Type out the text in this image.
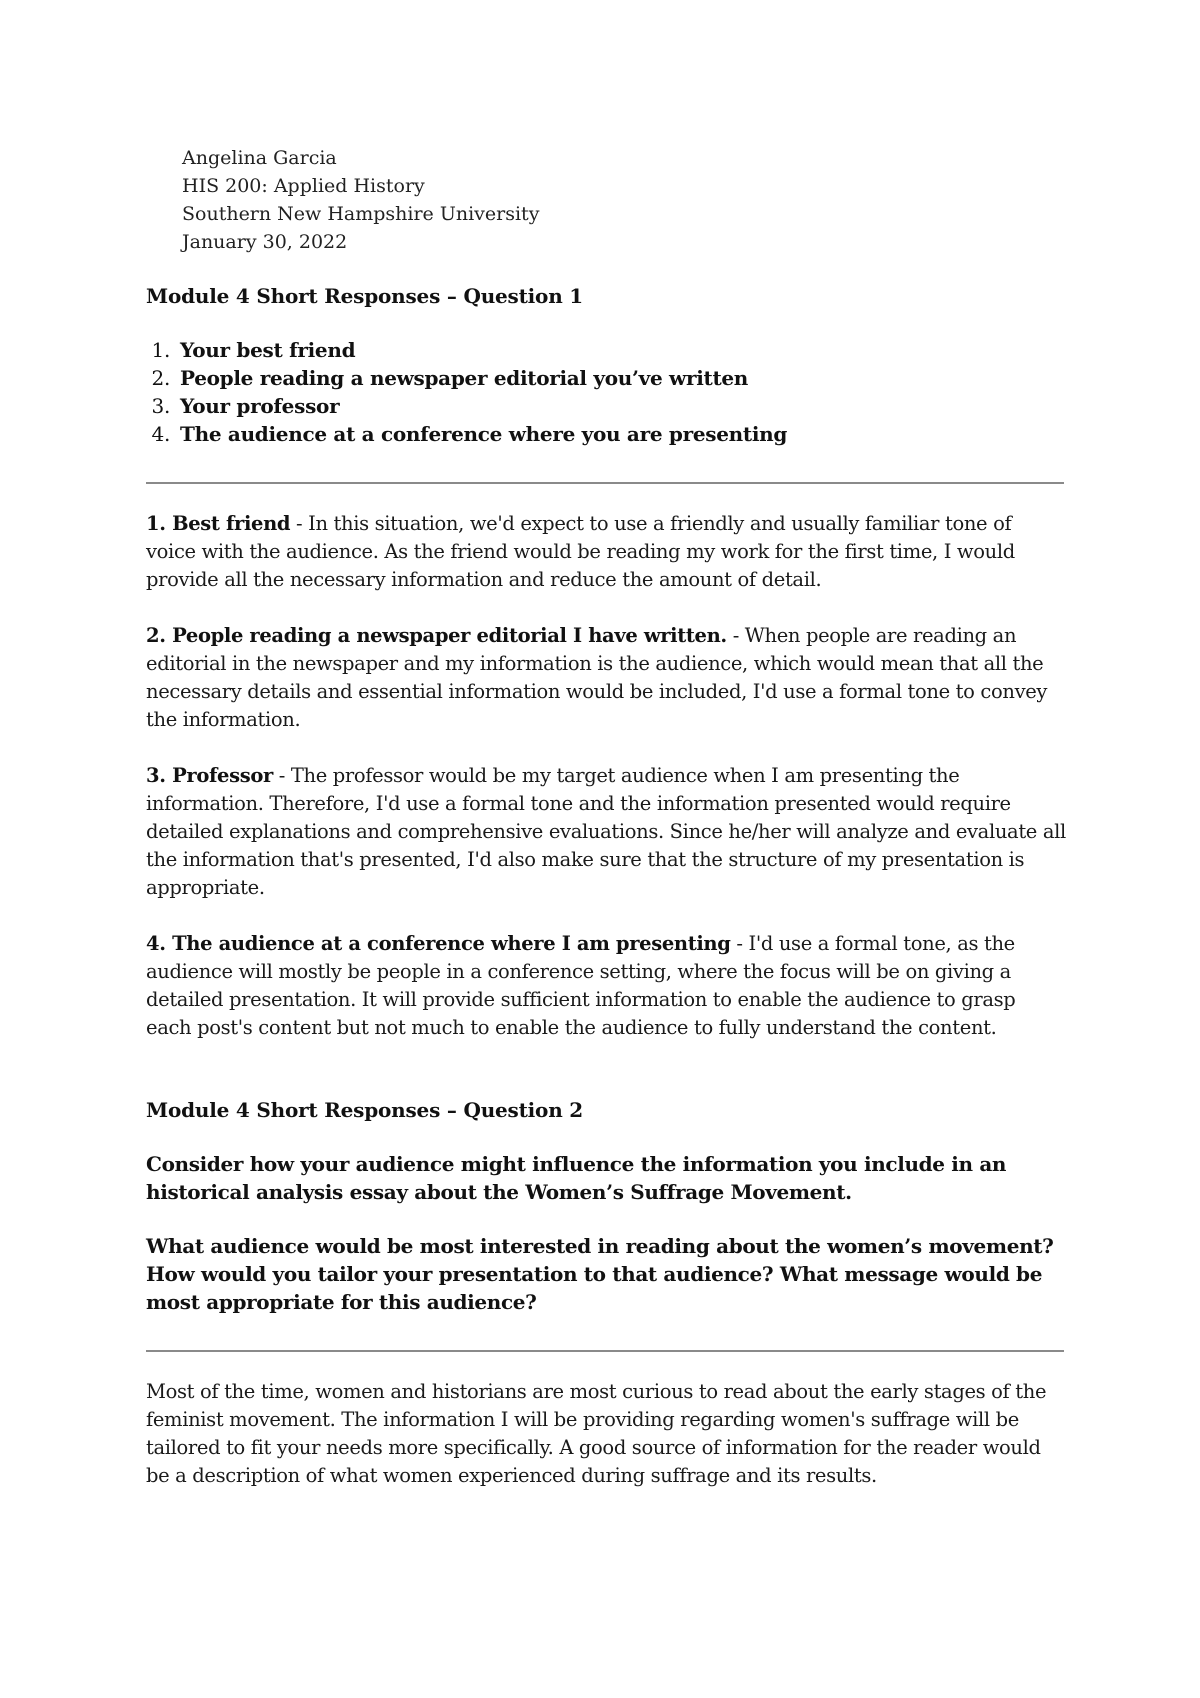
Angelina Garcia
HIS 200: Applied History
Southern New Hampshire University
January 30, 2022
Module 4 Short Responses – Question 1
1. Your best friend
2. People reading a newspaper editorial you’ve written
3. Your professor
4. The audience at a conference where you are presenting

1. Best friend - In this situation, we'd expect to use a friendly and usually familiar tone of voice with the audience. As the friend would be reading my work for the first time, I would provide all the necessary information and reduce the amount of detail.

2. People reading a newspaper editorial I have written. - When people are reading an editorial in the newspaper and my information is the audience, which would mean that all the necessary details and essential information would be included, I'd use a formal tone to convey the information.

3. Professor - The professor would be my target audience when I am presenting the information. Therefore, I'd use a formal tone and the information presented would require detailed explanations and comprehensive evaluations. Since he/her will analyze and evaluate all the information that's presented, I'd also make sure that the structure of my presentation is appropriate.

4. The audience at a conference where I am presenting - I'd use a formal tone, as the audience will mostly be people in a conference setting, where the focus will be on giving a detailed presentation. It will provide sufficient information to enable the audience to grasp each post's content but not much to enable the audience to fully understand the content.

Module 4 Short Responses – Question 2

Consider how your audience might influence the information you include in an historical analysis essay about the Women’s Suffrage Movement.

What audience would be most interested in reading about the women’s movement? How would you tailor your presentation to that audience? What message would be most appropriate for this audience?

Most of the time, women and historians are most curious to read about the early stages of the feminist movement. The information I will be providing regarding women's suffrage will be tailored to fit your needs more specifically. A good source of information for the reader would be a description of what women experienced during suffrage and its results.
